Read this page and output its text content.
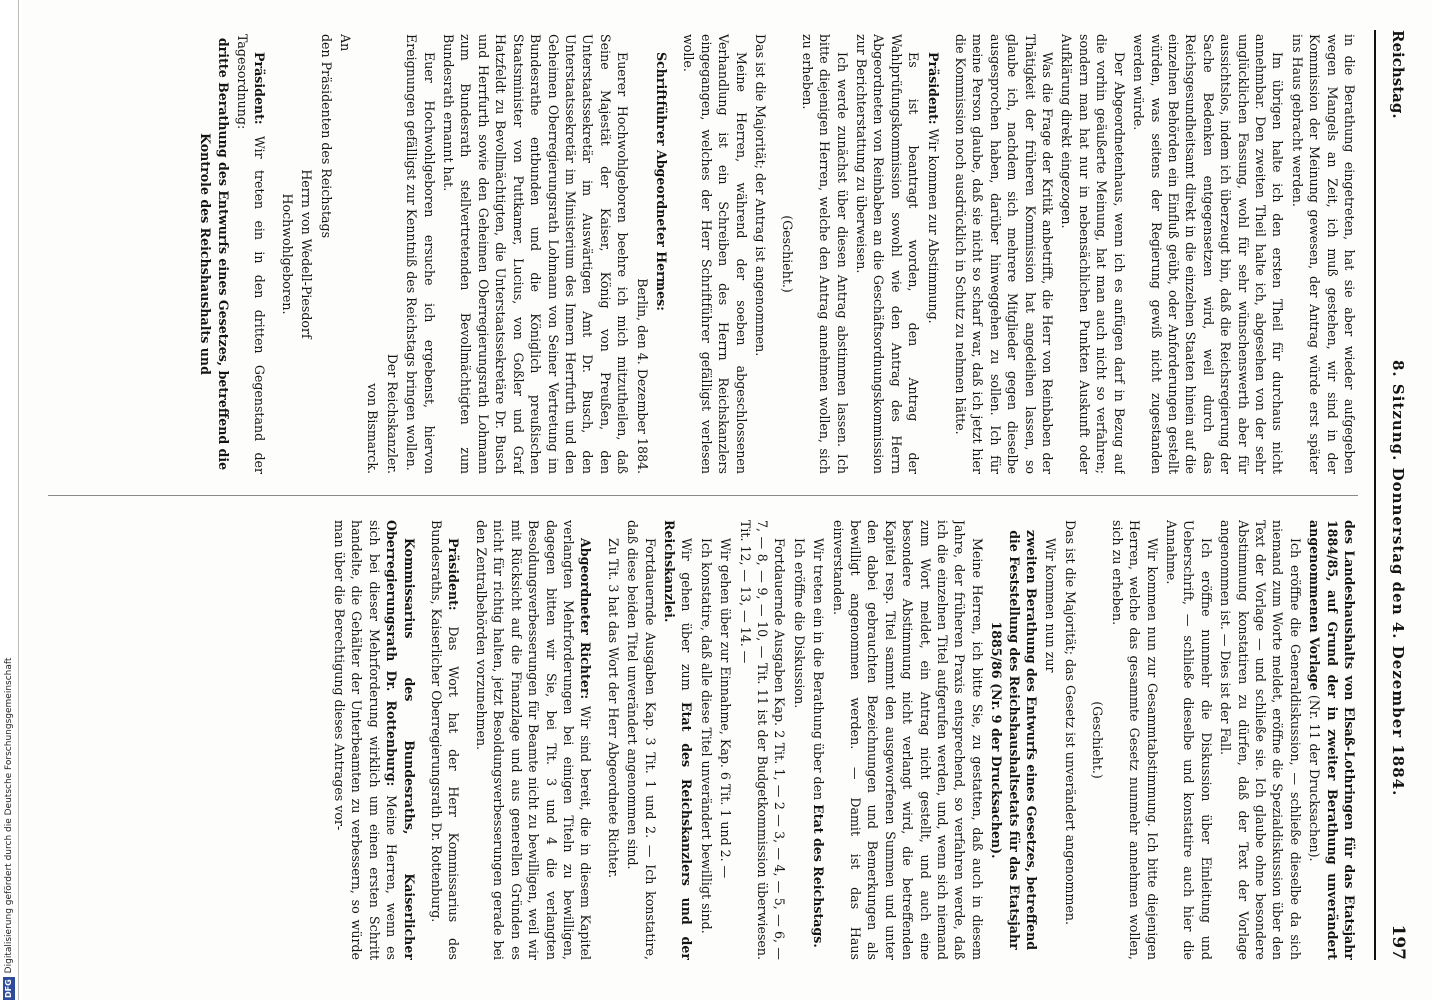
DFGDigitalisierung gefördert durch die Deutsche Forschungsgemeinschaft
Reichstag.
8. Sitzung. Donnerstag den 4. Dezember 1884.
197

in die Berathung eingetreten, hat sie aber wieder aufgegeben wegen Mangels an Zeit, ich muß gestehen, wir sind in der Kommission der Meinung gewesen, der Antrag würde erst später ins Haus gebracht werden.

Im übrigen halte ich den ersten Theil für durchaus nicht annehmbar. Den zweiten Theil halte ich, abgesehen von der sehr unglücklichen Fassung, wohl für sehr wünschenswerth aber für aussichtslos, indem ich überzeugt bin, daß die Reichsregierung der Sache Bedenken entgegensetzen wird, weil durch das Reichsgesundheitsamt direkt in die einzelnen Staaten hinein auf die einzelnen Behörden ein Einfluß geübt, oder Anforderungen gestellt würden, was seitens der Regierung gewiß nicht zugestanden werden würde.

Der Abgeordnetenhaus, wenn ich es anfügen darf in Bezug auf die vorhin geäußerte Meinung, hat man auch nicht so verfahren; sondern man hat nur in nebensächlichen Punkten Auskunft oder Aufklärung direkt eingezogen.

Was die Frage der Kritik anbetrifft, die Herr von Reinbaben der Thätigkeit der früheren Kommission hat angedeihen lassen, so glaube ich, nachdem sich mehrere Mitglieder gegen dieselbe ausgesprochen haben, darüber hinweggehen zu sollen. Ich für meine Person glaube, daß sie nicht so scharf war, daß ich jetzt hier die Kommission noch ausdrücklich in Schutz zu nehmen hätte.

Präsident: Wir kommen zur Abstimmung.

Es ist beantragt worden, den Antrag der Wahlprüfungskommission sowohl wie den Antrag des Herrn Abgeordneten von Reinbaben an die Geschäftsordnungskommission zur Berichterstattung zu überweisen.

Ich werde zunächst über diesen Antrag abstimmen lassen. Ich bitte diejenigen Herren, welche den Antrag annehmen wollen, sich zu erheben.

(Geschieht.)

Das ist die Majorität; der Antrag ist angenommen.

Meine Herren, während der soeben abgeschlossenen Verhandlung ist ein Schreiben des Herrn Reichskanzlers eingegangen, welches der Herr Schriftführer gefälligst verlesen wolle.

Schriftführer Abgeordneter Hermes:

Berlin, den 4. Dezember 1884.

Euerer Hochwohlgeboren beehre ich mich mitzutheilen, daß Seine Majestät der Kaiser, König von Preußen, den Unterstaatssekretär im Auswärtigen Amt Dr. Busch, den Unterstaatssekretär im Ministerium des Innern Herrfurth und den Geheimen Oberregierungsrath Lohmann von Seiner Vertretung im Bundesrathe entbunden und die Königlich preußischen Staatsminister von Puttkamer, Lucius, von Goßler und Graf Hatzfeldt zu Bevollmächtigten, die Unterstaatssekretäre Dr. Busch und Herrfurth sowie den Geheimen Oberregierungsrath Lohmann zum Bundesrath stellvertretenden Bevollmächtigten zum Bundesrath ernannt hat.

Euer Hochwohlgeboren ersuche ich ergebenst, hiervon Ereignungen gefälligst zur Kenntniß des Reichstags bringen wollen.

Der Reichskanzler.

von Bismarck.

An

den Präsidenten des Reichstags

Herrn von Wedell-Piesdorf

Hochwohlgeboren.

Präsident: Wir treten ein in den dritten Gegenstand der Tagesordnung:

dritte Berathung des Entwurfs eines Gesetzes, betreffend die Kontrole des Reichshaushalts und

des Landeshaushalts von Elsaß-Lothringen für das Etatsjahr 1884/85, auf Grund der in zweiter Berathung unverändert angenommenen Vorlage (Nr. 11 der Drucksachen).

Ich eröffne die Generaldiskussion, — schließe dieselbe da sich niemand zum Worte meldet, eröffne die Spezialdiskussion über den Text der Vorlage — und schließe sie. Ich glaube ohne besondere Abstimmung konstatiren zu dürfen, daß der Text der Vorlage angenommen ist. — Dies ist der Fall.

Ich eröffne nunmehr die Diskussion über Einleitung und Ueberschrift, — schließe dieselbe und konstatire auch hier die Annahme.

Wir kommen nun zur Gesammtabstimmung. Ich bitte diejenigen Herren, welche das gesammte Gesetz nunmehr annehmen wollen, sich zu erheben.

(Geschieht.)

Das ist die Majorität; das Gesetz ist unverändert angenommen.

Wir kommen nun zur

zweiten Berathung des Entwurfs eines Gesetzes, betreffend die Feststellung des Reichshaushaltsetats für das Etatsjahr 1885/86 (Nr. 9 der Drucksachen).

Meine Herren, ich bitte Sie, zu gestatten, daß auch in diesem Jahre, der früheren Praxis entsprechend, so verfahren werde, daß ich die einzelnen Titel aufgerufen werden, und, wenn sich niemand zum Wort meldet, ein Antrag nicht gestellt, und auch eine besondere Abstimmung nicht verlangt wird, die betreffenden Kapitel resp. Titel sammt den ausgeworfenen Summen und unter den dabei gebrauchten Bezeichnungen und Bemerkungen als bewilligt angenommen werden. — Damit ist das Haus einverstanden.

Wir treten ein in die Berathung über den Etat des Reichstags.

Ich eröffne die Diskussion.

Fortdauernde Ausgaben Kap. 2 Tit. 1, — 2 — 3, — 4, — 5, — 6, — 7, — 8, — 9, — 10, — Tit. 11 ist der Budgetkommission überwiesen. Tit. 12, — 13, — 14. —

Wir gehen über zur Einnahme, Kap. 6 Tit. 1 und 2. —

Ich konstatire, daß alle diese Titel unverändert bewilligt sind.

Wir gehen über zum Etat des Reichskanzlers und der Reichskanzlei.

Fortdauernde Ausgaben Kap. 3 Tit. 1 und 2. — Ich konstatire, daß diese beiden Titel unverändert angenommen sind.

Zu Tit. 3 hat das Wort der Herr Abgeordnete Richter.

Abgeordneter Richter: Wir sind bereit, die in diesem Kapitel verlangten Mehrforderungen bei einigen Titeln zu bewilligen, dagegen bitten wir Sie, bei Tit. 3 und 4 die verlangten Besoldungsverbesserungen für Beamte nicht zu bewilligen, weil wir mit Rücksicht auf die Finanzlage und aus generellen Gründen es nicht für richtig halten, jetzt Besoldungsverbesserungen gerade bei den Zentralbehörden vorzunehmen.

Präsident: Das Wort hat der Herr Kommissarius des Bundesraths, Kaiserlicher Oberregierungsrath Dr. Rottenburg.

Kommissarius des Bundesraths, Kaiserlicher Oberregierungsrath Dr. Rottenburg: Meine Herren, wenn es sich bei dieser Mehrforderung wirklich um einen ersten Schritt handelte, die Gehälter der Unterbeamten zu verbessern, so würde man über die Berechtigung dieses Antrages vor-
